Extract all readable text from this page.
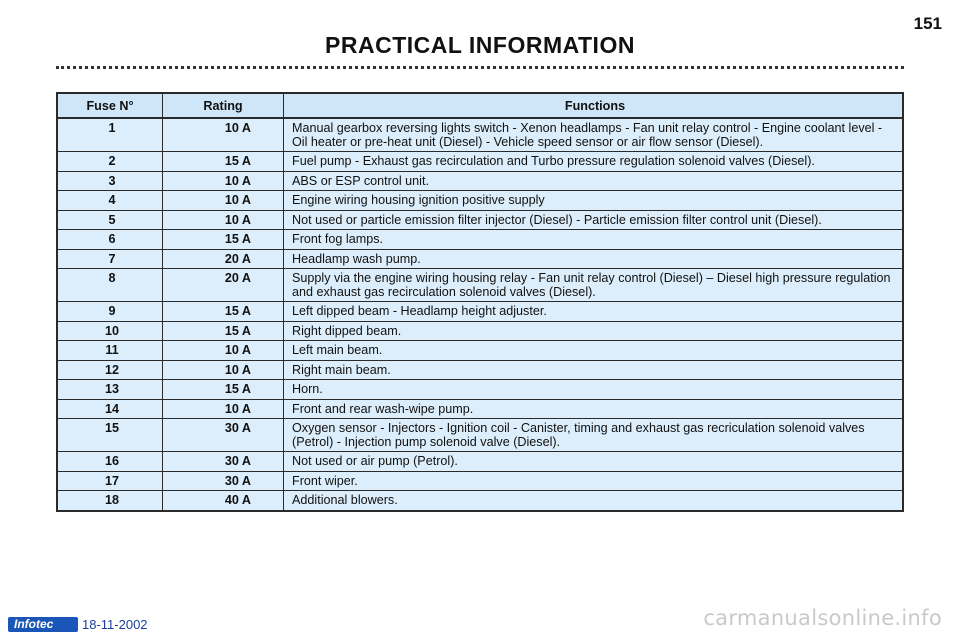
151
PRACTICAL INFORMATION
Fuse N°	Rating	Functions
1	10 A	Manual gearbox reversing lights switch - Xenon headlamps - Fan unit relay control - Engine coolant level - Oil heater or pre-heat unit (Diesel) - Vehicle speed sensor or air flow sensor (Diesel).
2	15 A	Fuel pump - Exhaust gas recirculation and Turbo pressure regulation solenoid valves (Diesel).
3	10 A	ABS or ESP control unit.
4	10 A	Engine wiring housing ignition positive supply
5	10 A	Not used or particle emission filter injector (Diesel) - Particle emission filter control unit (Diesel).
6	15 A	Front fog lamps.
7	20 A	Headlamp wash pump.
8	20 A	Supply via the engine wiring housing relay - Fan unit relay control (Diesel) – Diesel high pressure regulation and exhaust gas recirculation solenoid valves (Diesel).
9	15 A	Left dipped beam - Headlamp height adjuster.
10	15 A	Right dipped beam.
11	10 A	Left main beam.
12	10 A	Right main beam.
13	15 A	Horn.
14	10 A	Front and rear wash-wipe pump.
15	30 A	Oxygen sensor - Injectors - Ignition coil - Canister, timing and exhaust gas recriculation solenoid valves (Petrol) - Injection pump solenoid valve (Diesel).
16	30 A	Not used or air pump (Petrol).
17	30 A	Front wiper.
18	40 A	Additional blowers.
Infotec	18-11-2002	carmanualsonline.info
